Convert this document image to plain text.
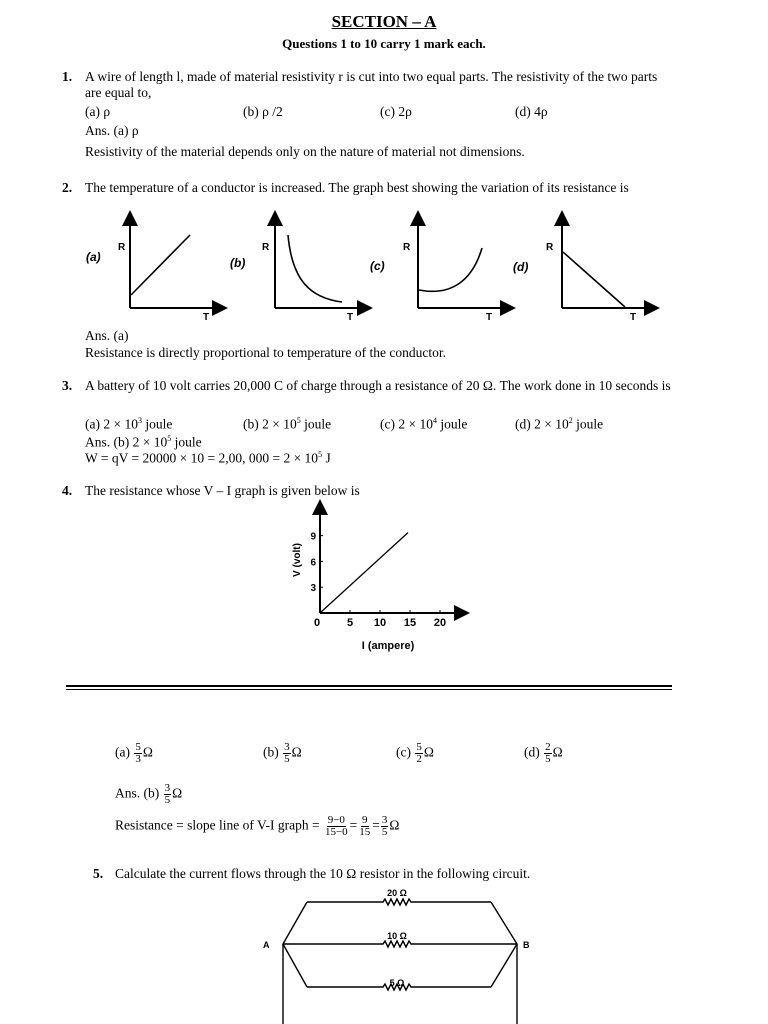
SECTION – A
Questions 1 to 10 carry 1 mark each.
1. A wire of length l, made of material resistivity r is cut into two equal parts. The resistivity of the two parts are equal to,
(a) ρ	(b) ρ /2	(c) 2ρ	(d) 4ρ
Ans. (a) ρ
Resistivity of the material depends only on the nature of material not dimensions.
2. The temperature of a conductor is increased. The graph best showing the variation of its resistance is
(a)
R
T
(b)
R
T
(c)
R
T
(d)
R
T
Ans. (a)
Resistance is directly proportional to temperature of the conductor.
3. A battery of 10 volt carries 20,000 C of charge through a resistance of 20 Ω. The work done in 10 seconds is
(a) $2 \times 10^3$ joule	(b) $2 \times 10^5$ joule	(c) $2 \times 10^4$ joule	(d) $2 \times 10^2$ joule
Ans. (b) $2 \times 10^5$ joule
W = qV = 20000 × 10 = 2,00, $000 = 2 \times 10^5$ J
4. The resistance whose V – I graph is given below is
0 5 10 15 20
3
6
9
V (volt)
I (ampere)
$(a) \frac{5}{3}$ Ω	$(b) \frac{3}{5}$ Ω	$(c) \frac{5}{2}$ Ω	$(d) \frac{2}{5}$ Ω
Ans. $(b) \frac{3}{5}$ Ω
Resistance = slope line of V-I graph = $\frac{9-0}{15-0} = \frac{9}{15} = \frac{3}{5}$ Ω
5. Calculate the current flows through the 10 Ω resistor in the following circuit.
20 Ω
10 Ω
5 Ω
A	B
